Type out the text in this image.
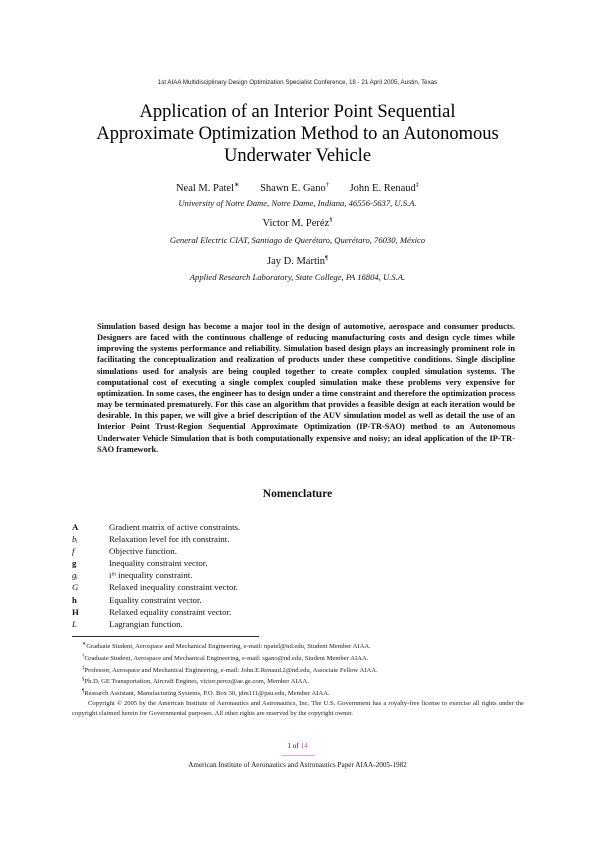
1st AIAA Multidisciplinary Design Optimization Specialist Conference, 18 - 21 April 2005, Austin, Texas
Application of an Interior Point Sequential
Approximate Optimization Method to an Autonomous
Underwater Vehicle
Neal M. Patel∗ Shawn E. Gano† John E. Renaud‡
University of Notre Dame, Notre Dame, Indiana, 46556-5637, U.S.A.
Victor M. Peréz§
General Electric CIAT, Santiago de Querétaro, Querétaro, 76030, México
Jay D. Martin¶
Applied Research Laboratory, State College, PA 16804, U.S.A.
Simulation based design has become a major tool in the design of automotive, aerospace and consumer products. Designers are faced with the continuous challenge of reducing manufacturing costs and design cycle times while improving the systems performance and reliability. Simulation based design plays an increasingly prominent role in facilitating the conceptualization and realization of products under these competitive conditions. Single discipline simulations used for analysis are being coupled together to create complex coupled simulation systems. The computational cost of executing a single complex coupled simulation make these problems very expensive for optimization. In some cases, the engineer has to design under a time constraint and therefore the optimization process may be terminated prematurely. For this case an algorithm that provides a feasible design at each iteration would be desirable. In this paper, we will give a brief description of the AUV simulation model as well as detail the use of an Interior Point Trust-Region Sequential Approximate Optimization (IP-TR-SAO) method to an Autonomous Underwater Vehicle Simulation that is both computationally expensive and noisy; an ideal application of the IP-TR-SAO framework.
Nomenclature
A	Gradient matrix of active constraints.
bᵢ	Relaxation level for ith constraint.
f	Objective function.
g	Inequality constraint vector.
gᵢ	iᵗʰ inequality constraint.
G	Relaxed inequality constraint vector.
h	Equality constraint vector.
H	Relaxed equality constraint vector.
L	Lagrangian function.
∗Graduate Student, Aerospace and Mechanical Engineering, e-mail: npatel@nd.edu, Student Member AIAA.
†Graduate Student, Aerospace and Mechanical Engineering, e-mail: sgano@nd.edu, Student Member AIAA.
‡Professor, Aerospace and Mechanical Engineering, e-mail: John.E.Renaud.2@nd.edu, Associate Fellow AIAA.
§Ph.D, GE Transportation, Aircraft Engines, victor.perez@ae.ge.com, Member AIAA.
¶Research Assistant, Manufacturing Systems, P.O. Box 30, jdm111@psu.edu, Member AIAA.
Copyright © 2005 by the American Institute of Aeronautics and Astronautics, Inc. The U.S. Government has a royalty-free license to exercise all rights under the copyright claimed herein for Governmental purposes. All other rights are reserved by the copyright owner.
1 of 14
American Institute of Aeronautics and Astronautics Paper AIAA-2005-1982
